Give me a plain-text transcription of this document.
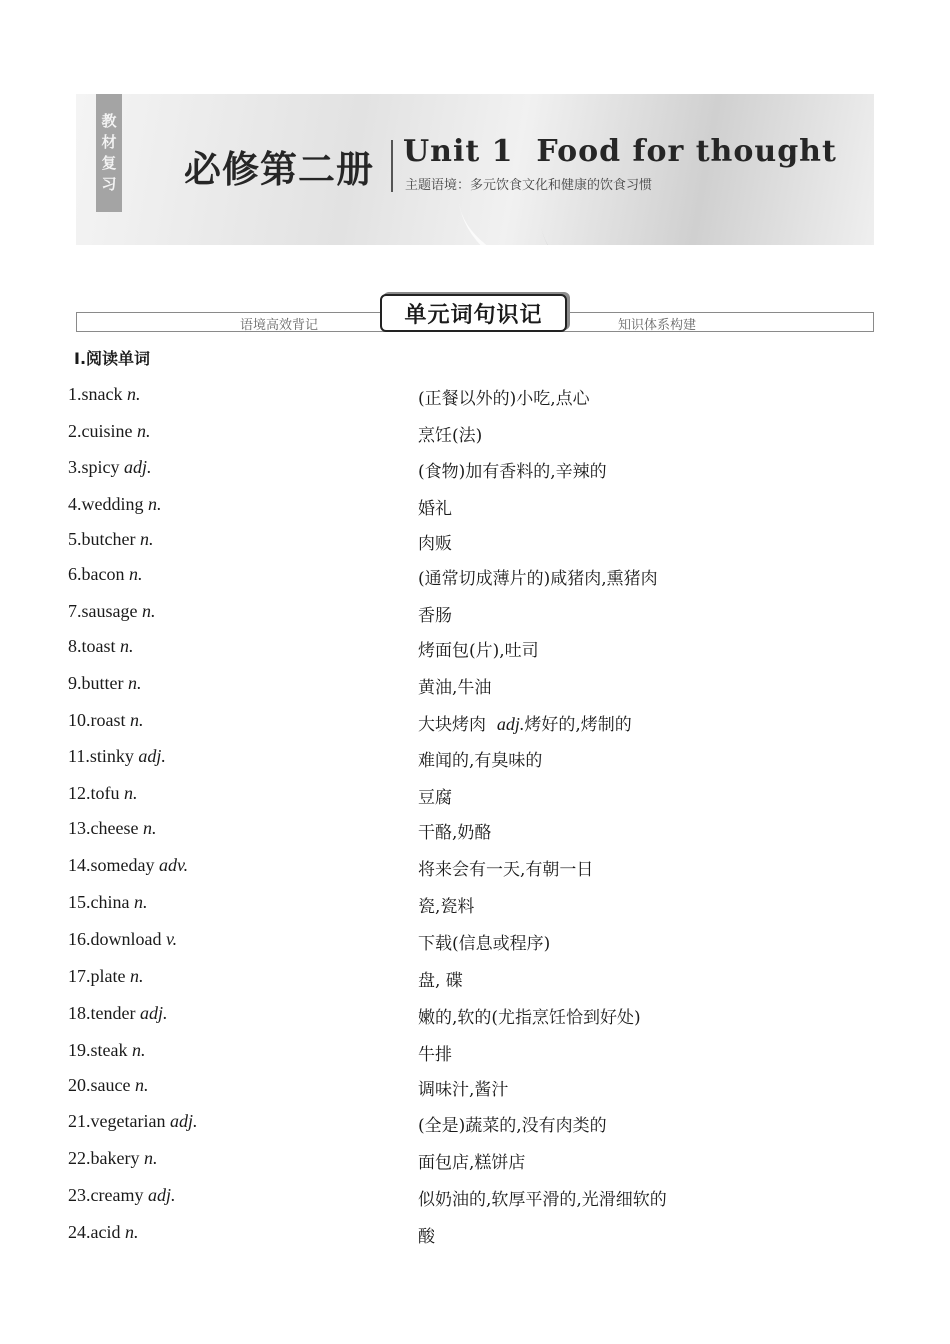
教
材
复
习 必修第二册 Unit 1  Food for thought
主题语境：多元饮食文化和健康的饮食习惯
语境高效背记	知识体系构建
单元词句识记
Ⅰ.阅读单词
1.snack n.	(正餐以外的)小吃,点心
2.cuisine n.	烹饪(法)
3.spicy adj.	(食物)加有香料的,辛辣的
4.wedding n.	婚礼
5.butcher n.	肉贩
6.bacon n.	(通常切成薄片的)咸猪肉,熏猪肉
7.sausage n.	香肠
8.toast n.	烤面包(片),吐司
9.butter n.	黄油,牛油
10.roast n.	大块烤肉 adj.烤好的,烤制的
11.stinky adj.	难闻的,有臭味的
12.tofu n.	豆腐
13.cheese n.	干酪,奶酪
14.someday adv.	将来会有一天,有朝一日
15.china n.	瓷,瓷料
16.download v.	下载(信息或程序)
17.plate n.	盘, 碟
18.tender adj.	嫩的,软的(尤指烹饪恰到好处)
19.steak n.	牛排
20.sauce n.	调味汁,酱汁
21.vegetarian adj.	(全是)蔬菜的,没有肉类的
22.bakery n.	面包店,糕饼店
23.creamy adj.	似奶油的,软厚平滑的,光滑细软的
24.acid n.	酸
